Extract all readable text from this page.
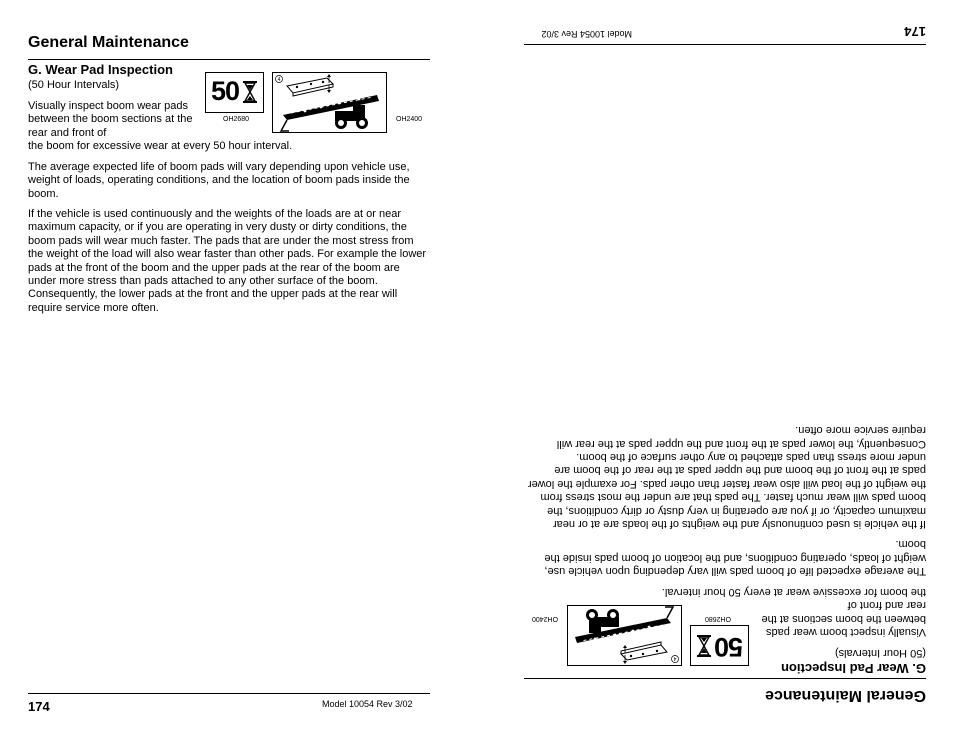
General Maintenance
G. Wear Pad Inspection
(50 Hour Intervals)	50
OH2680
4
OH2400
Visually inspect boom wear pads between the boom sections at the rear and front of
the boom for excessive wear at every 50 hour interval.

The average expected life of boom pads will vary depending upon vehicle use, weight of loads, operating conditions, and the location of boom pads inside the boom.

If the vehicle is used continuously and the weights of the loads are at or near maximum capacity, or if you are operating in very dusty or dirty conditions, the boom pads will wear much faster. The pads that are under the most stress from the weight of the load will also wear faster than other pads. For example the lower pads at the front of the boom and the upper pads at the rear of the boom are under more stress than pads attached to any other surface of the boom. Consequently, the lower pads at the front and the upper pads at the rear will require service more often.

174	Model 10054 Rev 3/02	General Maintenance
G. Wear Pad Inspection
(50 Hour Intervals)
50
OH2680
4
OH2400
Visually inspect boom wear pads between the boom sections at the rear and front of
the boom for excessive wear at every 50 hour interval.

The average expected life of boom pads will vary depending upon vehicle use, weight of loads, operating conditions, and the location of boom pads inside the boom.

If the vehicle is used continuously and the weights of the loads are at or near maximum capacity, or if you are operating in very dusty or dirty conditions, the boom pads will wear much faster. The pads that are under the most stress from the weight of the load will also wear faster than other pads. For example the lower pads at the front of the boom and the upper pads at the rear of the boom are under more stress than pads attached to any other surface of the boom. Consequently, the lower pads at the front and the upper pads at the rear will require service more often.

174
Model 10054 Rev 3/02
